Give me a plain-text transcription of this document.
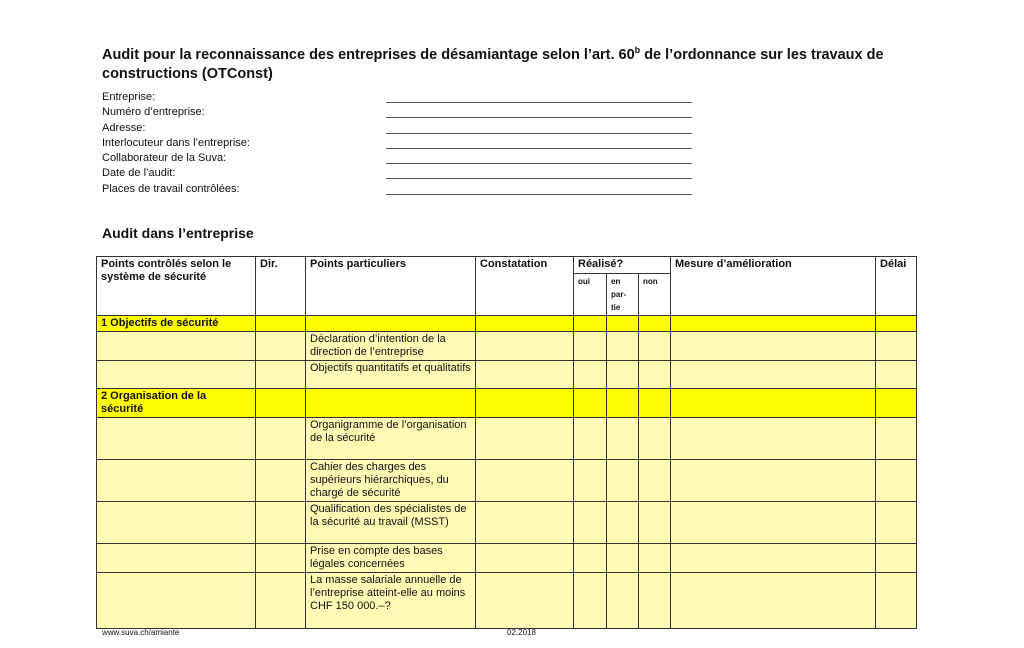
Audit pour la reconnaissance des entreprises de désamiantage selon l’art. 60$^b$ de l’ordonnance sur les travaux de constructions (OTConst)
Entreprise:
Numéro d’entreprise:
Adresse:
Interlocuteur dans l’entreprise:
Collaborateur de la Suva:
Date de l’audit:
Places de travail contrôlées:
Audit dans l’entreprise
Points contrôlés selon le système de sécurité	Dir.	Points particuliers	Constatation	Réalisé?			Mesure d’amélioration	Délai
				oui	en par-tie	non		
1 Objectifs de sécurité								
		Déclaration d’intention de la direction de l’entreprise						
		Objectifs quantitatifs et qualitatifs						
2 Organisation de la sécurité								
		Organigramme de l’organisation de la sécurité						
		Cahier des charges des supérieurs hiérarchiques, du chargé de sécurité						
		Qualification des spécialistes de la sécurité au travail (MSST)						
		Prise en compte des bases légales concernées						
		La masse salariale annuelle de l’entreprise atteint-elle au moins CHF 150 000.–?						
www.suva.ch/amiante	02.2018
